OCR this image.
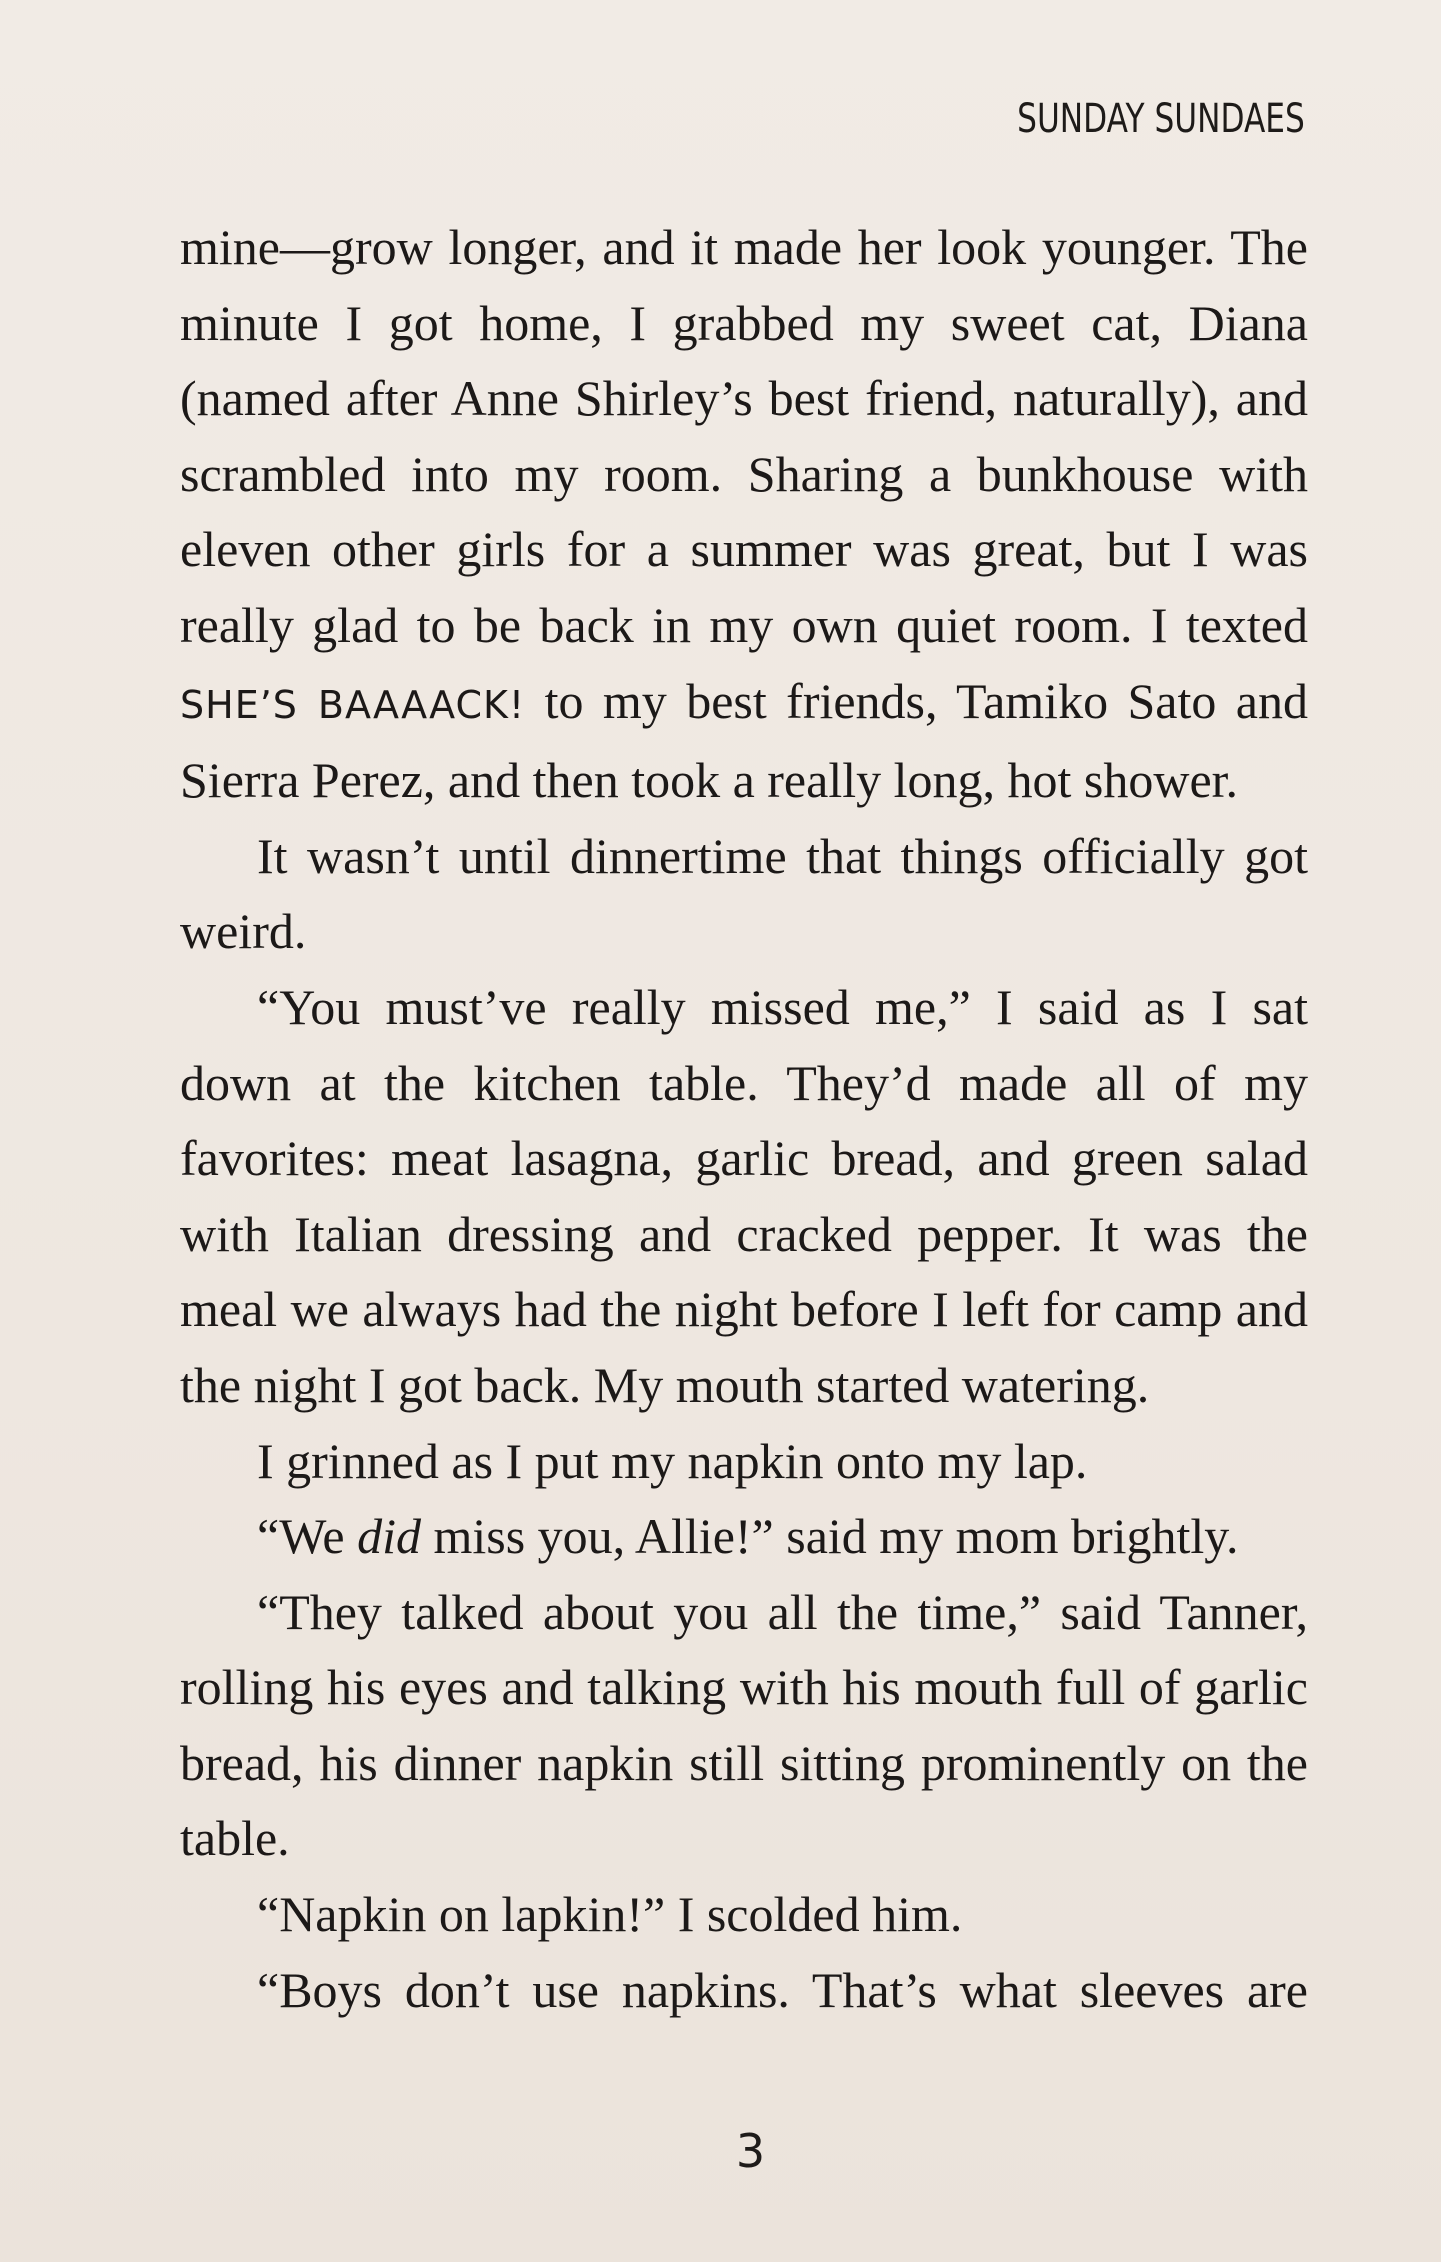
SUNDAY SUNDAES

mine—grow longer, and it made her look younger. The minute I got home, I grabbed my sweet cat, Diana (named after Anne Shirley’s best friend, naturally), and scrambled into my room. Sharing a bunkhouse with eleven other girls for a summer was great, but I was really glad to be back in my own quiet room. I texted SHE’S BAAAACK! to my best friends, Tamiko Sato and Sierra Perez, and then took a really long, hot shower.

It wasn’t until dinnertime that things officially got weird.

“You must’ve really missed me,” I said as I sat down at the kitchen table. They’d made all of my favorites: meat lasagna, garlic bread, and green salad with Italian dressing and cracked pepper. It was the meal we always had the night before I left for camp and the night I got back. My mouth started watering.

I grinned as I put my napkin onto my lap.

“We did miss you, Allie!” said my mom brightly.

“They talked about you all the time,” said Tanner, rolling his eyes and talking with his mouth full of garlic bread, his dinner napkin still sitting prominently on the table.

“Napkin on lapkin!” I scolded him.

“Boys don’t use napkins. That’s what sleeves are

3
